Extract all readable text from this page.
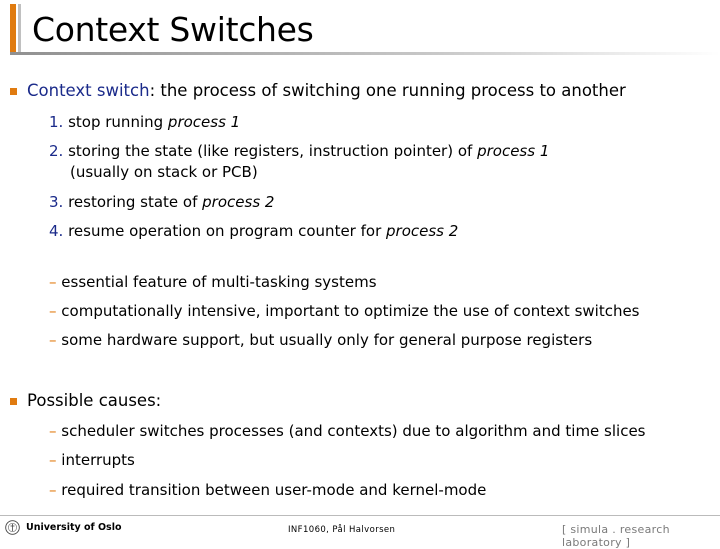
Context Switches
Context switch: the process of switching one running process to another
1. stop running process 1
2. storing the state (like registers, instruction pointer) of process 1
(usually on stack or PCB)
3. restoring state of process 2
4. resume operation on program counter for process 2
– essential feature of multi-tasking systems
– computationally intensive, important to optimize the use of context switches
– some hardware support, but usually only for general purpose registers
Possible causes:
– scheduler switches processes (and contexts) due to algorithm and time slices
– interrupts
– required transition between user-mode and kernel-mode
University of Oslo	INF1060, Pål Halvorsen	[ simula . research laboratory ]
